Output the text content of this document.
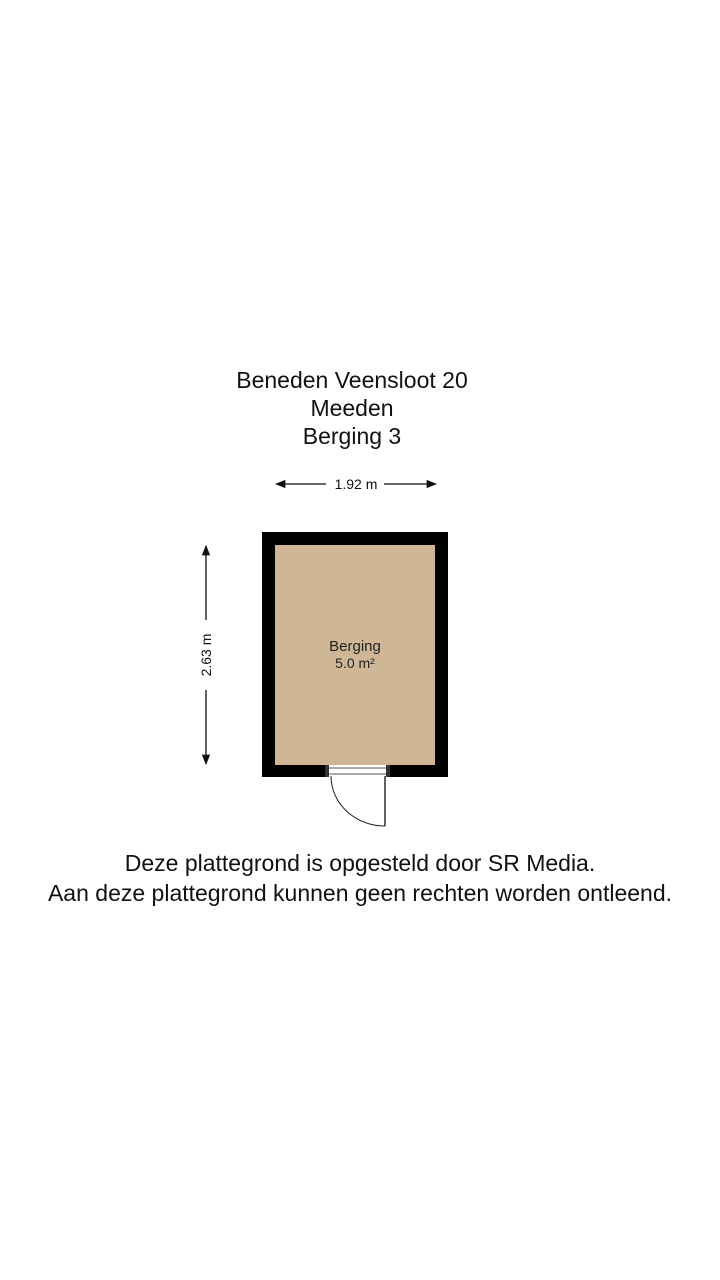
Beneden Veensloot 20
Meeden
Berging 3
1.92 m
2.63 m	Berging
5.0 m²
Deze plattegrond is opgesteld door SR Media.
Aan deze plattegrond kunnen geen rechten worden ontleend.
